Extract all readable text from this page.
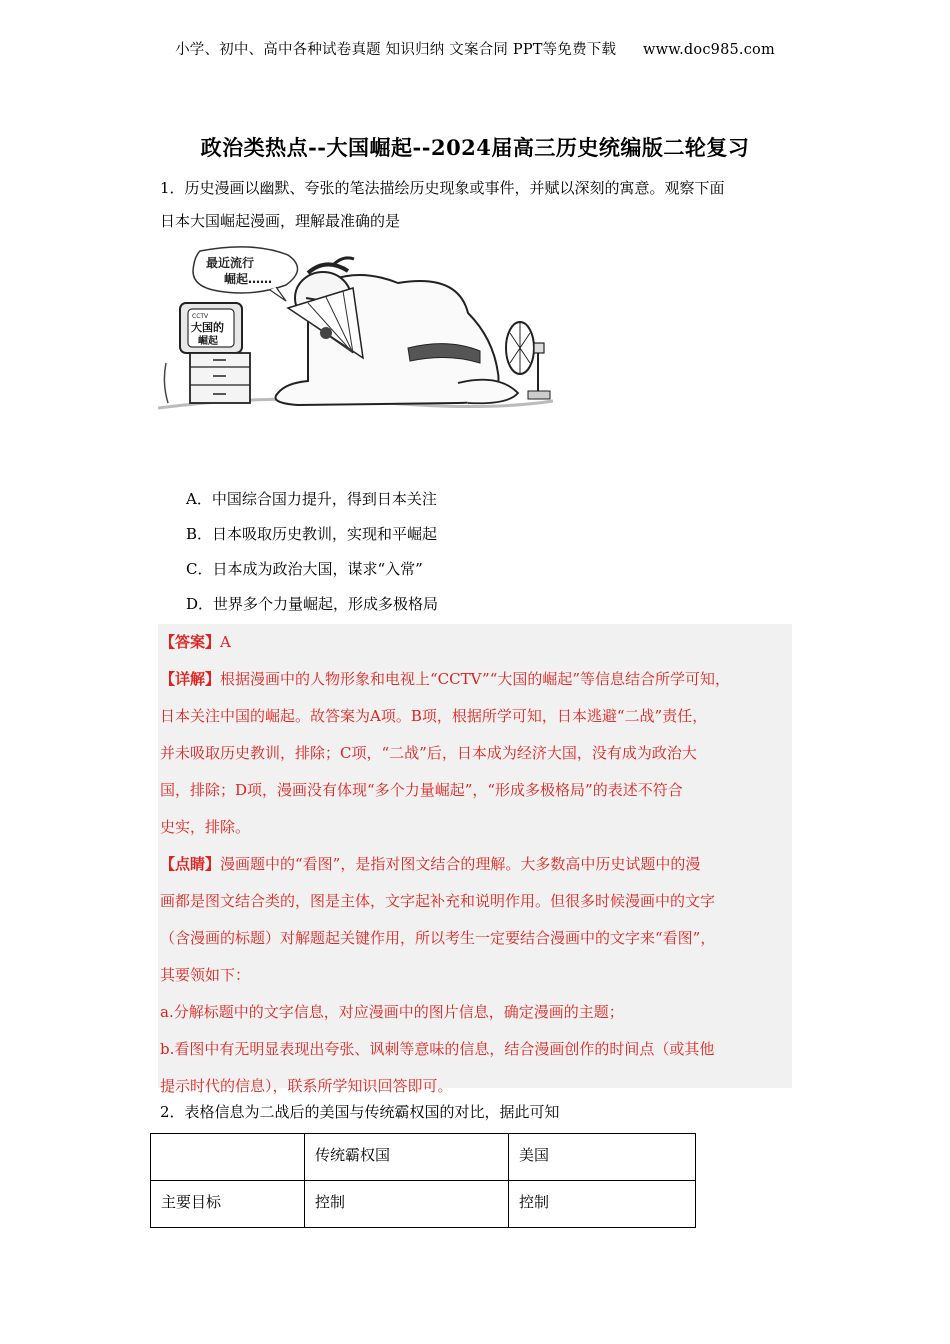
小学、初中、高中各种试卷真题 知识归纳 文案合同 PPT等免费下载 www.doc985.com
政治类热点--大国崛起--2024届高三历史统编版二轮复习
1．历史漫画以幽默、夸张的笔法描绘历史现象或事件，并赋以深刻的寓意。观察下面
日本大国崛起漫画，理解最准确的是
最近流行
崛起……
CCTV
大国的
崛起
A．中国综合国力提升，得到日本关注
B．日本吸取历史教训，实现和平崛起
C．日本成为政治大国，谋求“入常”
D．世界多个力量崛起，形成多极格局

【答案】A

【详解】根据漫画中的人物形象和电视上“CCTV”“大国的崛起”等信息结合所学可知，

日本关注中国的崛起。故答案为A项。B项，根据所学可知，日本逃避“二战”责任，

并未吸取历史教训，排除；C项，“二战”后，日本成为经济大国，没有成为政治大

国，排除；D项，漫画没有体现“多个力量崛起”，“形成多极格局”的表述不符合

史实，排除。

【点睛】漫画题中的“看图”，是指对图文结合的理解。大多数高中历史试题中的漫

画都是图文结合类的，图是主体，文字起补充和说明作用。但很多时候漫画中的文字

（含漫画的标题）对解题起关键作用，所以考生一定要结合漫画中的文字来“看图”，

其要领如下：

a.分解标题中的文字信息，对应漫画中的图片信息，确定漫画的主题；

b.看图中有无明显表现出夸张、讽刺等意味的信息，结合漫画创作的时间点（或其他

提示时代的信息），联系所学知识回答即可。

2．表格信息为二战后的美国与传统霸权国的对比，据此可知
	传统霸权国	美国
主要目标	控制	控制
